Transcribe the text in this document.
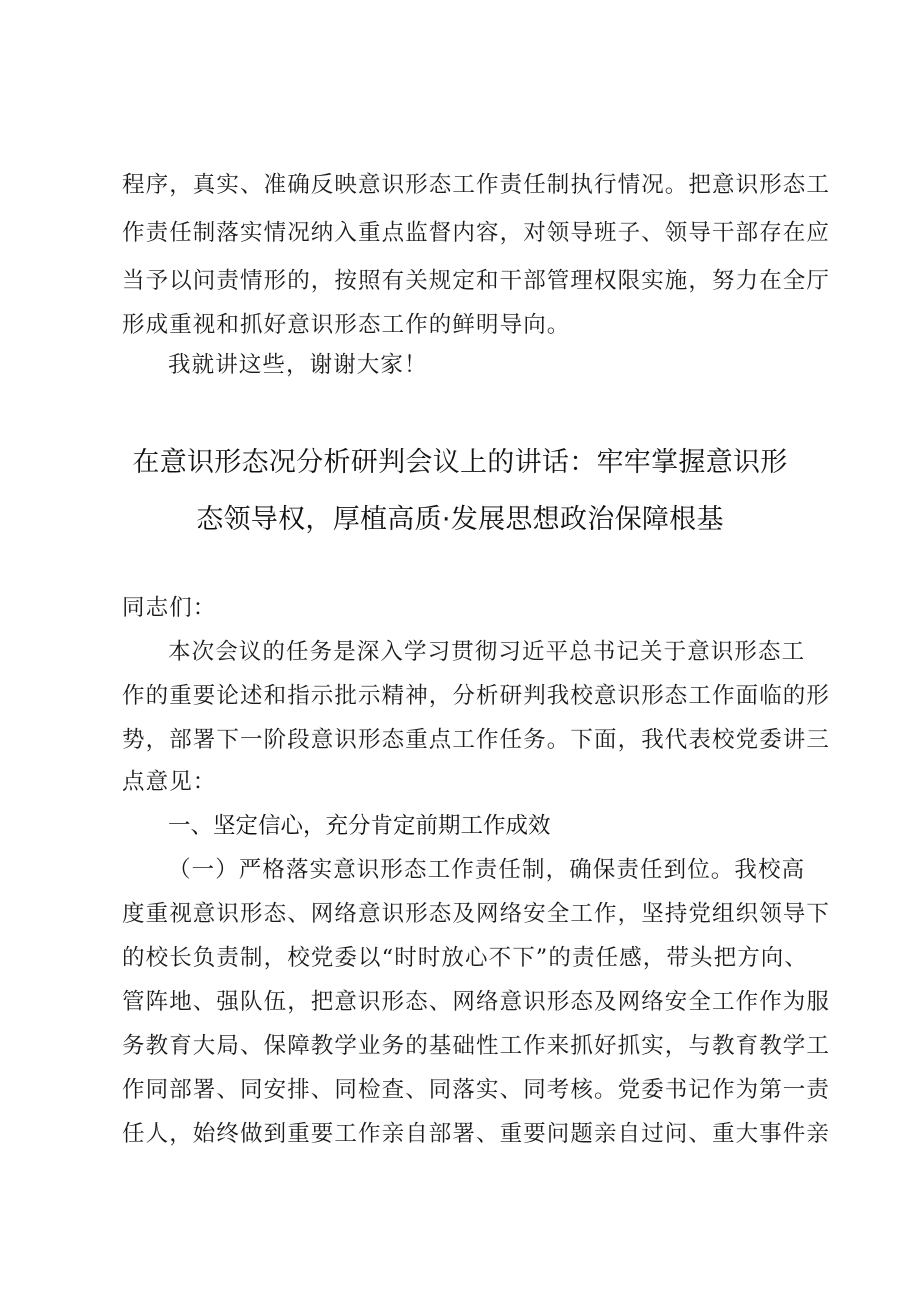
程序，真实、准确反映意识形态工作责任制执行情况。把意识形态工
作责任制落实情况纳入重点监督内容，对领导班子、领导干部存在应
当予以问责情形的，按照有关规定和干部管理权限实施，努力在全厅
形成重视和抓好意识形态工作的鲜明导向。
我就讲这些，谢谢大家！
在意识形态况分析研判会议上的讲话：牢牢掌握意识形
态领导权，厚植高质·发展思想政治保障根基
同志们：
本次会议的任务是深入学习贯彻习近平总书记关于意识形态工
作的重要论述和指示批示精神，分析研判我校意识形态工作面临的形
势，部署下一阶段意识形态重点工作任务。下面，我代表校党委讲三
点意见：
一、坚定信心，充分肯定前期工作成效
（一）严格落实意识形态工作责任制，确保责任到位。我校高
度重视意识形态、网络意识形态及网络安全工作，坚持党组织领导下
的校长负责制，校党委以“时时放心不下”的责任感，带头把方向、
管阵地、强队伍，把意识形态、网络意识形态及网络安全工作作为服
务教育大局、保障教学业务的基础性工作来抓好抓实，与教育教学工
作同部署、同安排、同检查、同落实、同考核。党委书记作为第一责
任人，始终做到重要工作亲自部署、重要问题亲自过问、重大事件亲
